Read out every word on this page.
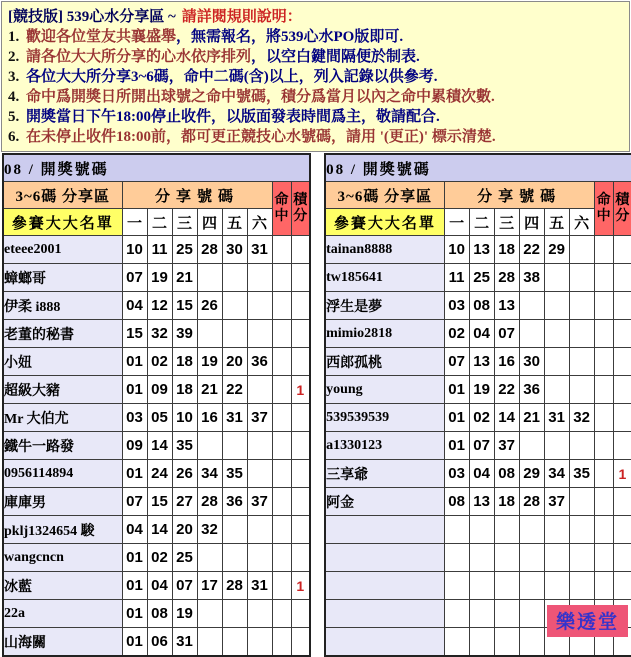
[競技版] 539心水分享區 ~ 請詳閱規則說明：
1. 歡迎各位堂友共襄盛舉，無需報名，將539心水PO版即可.
2. 請各位大大所分享的心水依序排列，以空白鍵間隔便於制表.
3. 各位大大所分享3~6碼，命中二碼(含)以上，列入記錄以供參考.
4. 命中爲開獎日所開出球號之命中號碼，積分爲當月以內之命中累積次數.
5. 開獎當日下午18:00停止收件，以版面發表時間爲主，敬請配合.
6. 在未停止收件18:00前，都可更正競技心水號碼，請用 '(更正)' 標示清楚.
08 / 開獎號碼								
3~6碼 分享區	分享號碼						命中	積分
參賽大大名單	一	二	三	四	五	六		
eteee2001	10	11	25	28	30	31		
蟑螂哥	07	19	21					
伊柔 i888	04	12	15	26				
老董的秘書	15	32	39					
小妞	01	02	18	19	20	36		
超級大豬	01	09	18	21	22			1
Mr 大伯尤	03	05	10	16	31	37		
鐵牛一路發	09	14	35					
0956114894	01	24	26	34	35			
庫庫男	07	15	27	28	36	37		
pklj1324654 駿	04	14	20	32				
wangcncn	01	02	25					
冰藍	01	04	07	17	28	31		1
22a	01	08	19					
山海關	01	06	31					
08 / 開獎號碼								
3~6碼 分享區	分享號碼						命中	積分
參賽大大名單	一	二	三	四	五	六		
tainan8888	10	13	18	22	29			
tw185641	11	25	28	38				
浮生是夢	03	08	13					
mimio2818	02	04	07					
西郎孤桃	07	13	16	30				
young	01	19	22	36				
539539539	01	02	14	21	31	32		
a1330123	01	07	37					
三享爺	03	04	08	29	34	35		1
阿金	08	13	18	28	37			

樂透堂
